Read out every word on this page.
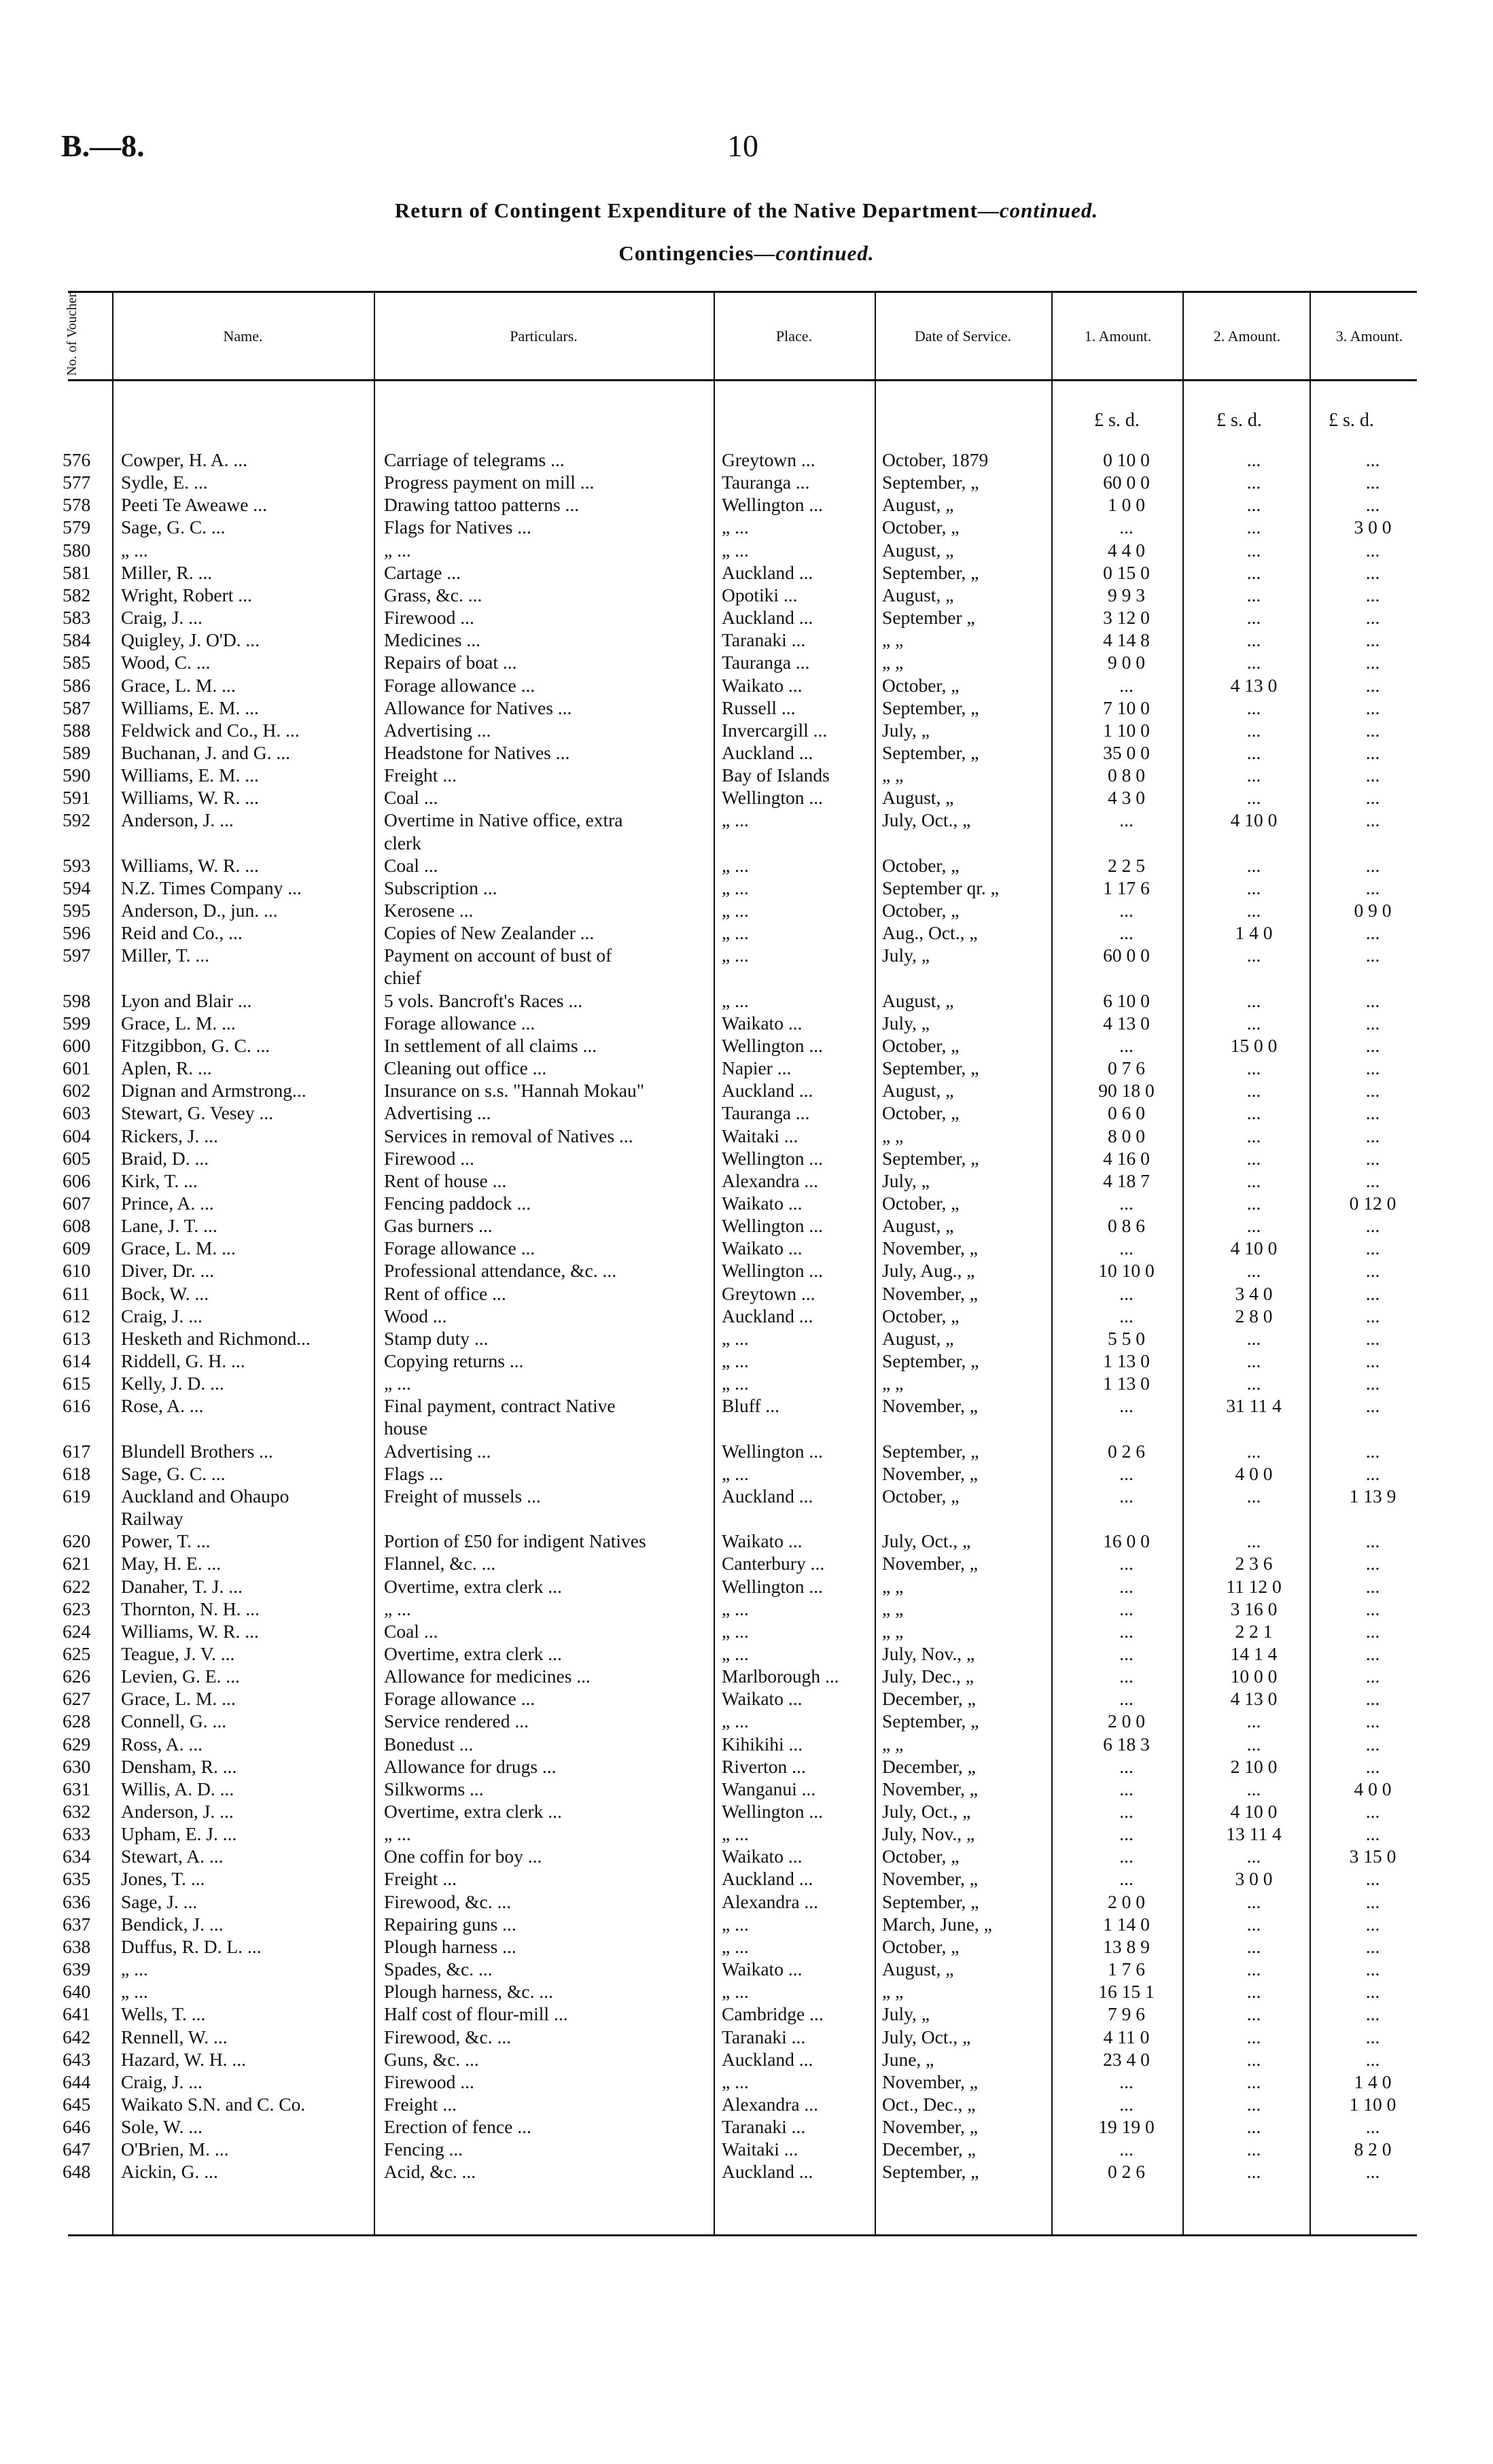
B.—8.	10
Return of Contingent Expenditure of the Native Department—continued.
Contingencies—continued.
No. of Voucher.	Name.	Particulars.	Place.	Date of Service.	1. Amount.	2. Amount.	3. Amount.
£ s. d.	£ s. d.	£ s. d.
576	Cowper, H. A. ...	Carriage of telegrams ...	Greytown ...	October, 1879	0 10 0	...	...
577	Sydle, E. ...	Progress payment on mill ...	Tauranga ...	September, „	60 0 0	...	...
578	Peeti Te Aweawe ...	Drawing tattoo patterns ...	Wellington ...	August, „	1 0 0	...	...
579	Sage, G. C. ...	Flags for Natives ...	„ ...	October, „	...	...	3 0 0
580	„ ...	„ ...	„ ...	August, „	4 4 0	...	...
581	Miller, R. ...	Cartage ...	Auckland ...	September, „	0 15 0	...	...
582	Wright, Robert ...	Grass, &c. ...	Opotiki ...	August, „	9 9 3	...	...
583	Craig, J. ...	Firewood ...	Auckland ...	September „	3 12 0	...	...
584	Quigley, J. O'D. ...	Medicines ...	Taranaki ...	„ „	4 14 8	...	...
585	Wood, C. ...	Repairs of boat ...	Tauranga ...	„ „	9 0 0	...	...
586	Grace, L. M. ...	Forage allowance ...	Waikato ...	October, „	...	4 13 0	...
587	Williams, E. M. ...	Allowance for Natives ...	Russell ...	September, „	7 10 0	...	...
588	Feldwick and Co., H. ...	Advertising ...	Invercargill ...	July, „	1 10 0	...	...
589	Buchanan, J. and G. ...	Headstone for Natives ...	Auckland ...	September, „	35 0 0	...	...
590	Williams, E. M. ...	Freight ...	Bay of Islands	„ „	0 8 0	...	...
591	Williams, W. R. ...	Coal ...	Wellington ...	August, „	4 3 0	...	...
592	Anderson, J. ...	Overtime in Native office, extra	„ ...	July, Oct., „	...	4 10 0	...
clerk
593	Williams, W. R. ...	Coal ...	„ ...	October, „	2 2 5	...	...
594	N.Z. Times Company ...	Subscription ...	„ ...	September qr. „	1 17 6	...	...
595	Anderson, D., jun. ...	Kerosene ...	„ ...	October, „	...	...	0 9 0
596	Reid and Co., ...	Copies of New Zealander ...	„ ...	Aug., Oct., „	...	1 4 0	...
597	Miller, T. ...	Payment on account of bust of	„ ...	July, „	60 0 0	...	...
chief
598	Lyon and Blair ...	5 vols. Bancroft's Races ...	„ ...	August, „	6 10 0	...	...
599	Grace, L. M. ...	Forage allowance ...	Waikato ...	July, „	4 13 0	...	...
600	Fitzgibbon, G. C. ...	In settlement of all claims ...	Wellington ...	October, „	...	15 0 0	...
601	Aplen, R. ...	Cleaning out office ...	Napier ...	September, „	0 7 6	...	...
602	Dignan and Armstrong...	Insurance on s.s. "Hannah Mokau"	Auckland ...	August, „	90 18 0	...	...
603	Stewart, G. Vesey ...	Advertising ...	Tauranga ...	October, „	0 6 0	...	...
604	Rickers, J. ...	Services in removal of Natives ...	Waitaki ...	„ „	8 0 0	...	...
605	Braid, D. ...	Firewood ...	Wellington ...	September, „	4 16 0	...	...
606	Kirk, T. ...	Rent of house ...	Alexandra ...	July, „	4 18 7	...	...
607	Prince, A. ...	Fencing paddock ...	Waikato ...	October, „	...	...	0 12 0
608	Lane, J. T. ...	Gas burners ...	Wellington ...	August, „	0 8 6	...	...
609	Grace, L. M. ...	Forage allowance ...	Waikato ...	November, „	...	4 10 0	...
610	Diver, Dr. ...	Professional attendance, &c. ...	Wellington ...	July, Aug., „	10 10 0	...	...
611	Bock, W. ...	Rent of office ...	Greytown ...	November, „	...	3 4 0	...
612	Craig, J. ...	Wood ...	Auckland ...	October, „	...	2 8 0	...
613	Hesketh and Richmond...	Stamp duty ...	„ ...	August, „	5 5 0	...	...
614	Riddell, G. H. ...	Copying returns ...	„ ...	September, „	1 13 0	...	...
615	Kelly, J. D. ...	„ ...	„ ...	„ „	1 13 0	...	...
616	Rose, A. ...	Final payment, contract Native	Bluff ...	November, „	...	31 11 4	...
house
617	Blundell Brothers ...	Advertising ...	Wellington ...	September, „	0 2 6	...	...
618	Sage, G. C. ...	Flags ...	„ ...	November, „	...	4 0 0	...
619	Auckland and Ohaupo	Freight of mussels ...	Auckland ...	October, „	...	...	1 13 9
Railway
620	Power, T. ...	Portion of £50 for indigent Natives	Waikato ...	July, Oct., „	16 0 0	...	...
621	May, H. E. ...	Flannel, &c. ...	Canterbury ...	November, „	...	2 3 6	...
622	Danaher, T. J. ...	Overtime, extra clerk ...	Wellington ...	„ „	...	11 12 0	...
623	Thornton, N. H. ...	„ ...	„ ...	„ „	...	3 16 0	...
624	Williams, W. R. ...	Coal ...	„ ...	„ „	...	2 2 1	...
625	Teague, J. V. ...	Overtime, extra clerk ...	„ ...	July, Nov., „	...	14 1 4	...
626	Levien, G. E. ...	Allowance for medicines ...	Marlborough ...	July, Dec., „	...	10 0 0	...
627	Grace, L. M. ...	Forage allowance ...	Waikato ...	December, „	...	4 13 0	...
628	Connell, G. ...	Service rendered ...	„ ...	September, „	2 0 0	...	...
629	Ross, A. ...	Bonedust ...	Kihikihi ...	„ „	6 18 3	...	...
630	Densham, R. ...	Allowance for drugs ...	Riverton ...	December, „	...	2 10 0	...
631	Willis, A. D. ...	Silkworms ...	Wanganui ...	November, „	...	...	4 0 0
632	Anderson, J. ...	Overtime, extra clerk ...	Wellington ...	July, Oct., „	...	4 10 0	...
633	Upham, E. J. ...	„ ...	„ ...	July, Nov., „	...	13 11 4	...
634	Stewart, A. ...	One coffin for boy ...	Waikato ...	October, „	...	...	3 15 0
635	Jones, T. ...	Freight ...	Auckland ...	November, „	...	3 0 0	...
636	Sage, J. ...	Firewood, &c. ...	Alexandra ...	September, „	2 0 0	...	...
637	Bendick, J. ...	Repairing guns ...	„ ...	March, June, „	1 14 0	...	...
638	Duffus, R. D. L. ...	Plough harness ...	„ ...	October, „	13 8 9	...	...
639	„ ...	Spades, &c. ...	Waikato ...	August, „	1 7 6	...	...
640	„ ...	Plough harness, &c. ...	„ ...	„ „	16 15 1	...	...
641	Wells, T. ...	Half cost of flour-mill ...	Cambridge ...	July, „	7 9 6	...	...
642	Rennell, W. ...	Firewood, &c. ...	Taranaki ...	July, Oct., „	4 11 0	...	...
643	Hazard, W. H. ...	Guns, &c. ...	Auckland ...	June, „	23 4 0	...	...
644	Craig, J. ...	Firewood ...	„ ...	November, „	...	...	1 4 0
645	Waikato S.N. and C. Co.	Freight ...	Alexandra ...	Oct., Dec., „	...	...	1 10 0
646	Sole, W. ...	Erection of fence ...	Taranaki ...	November, „	19 19 0	...	...
647	O'Brien, M. ...	Fencing ...	Waitaki ...	December, „	...	...	8 2 0
648	Aickin, G. ...	Acid, &c. ...	Auckland ...	September, „	0 2 6	...	...
